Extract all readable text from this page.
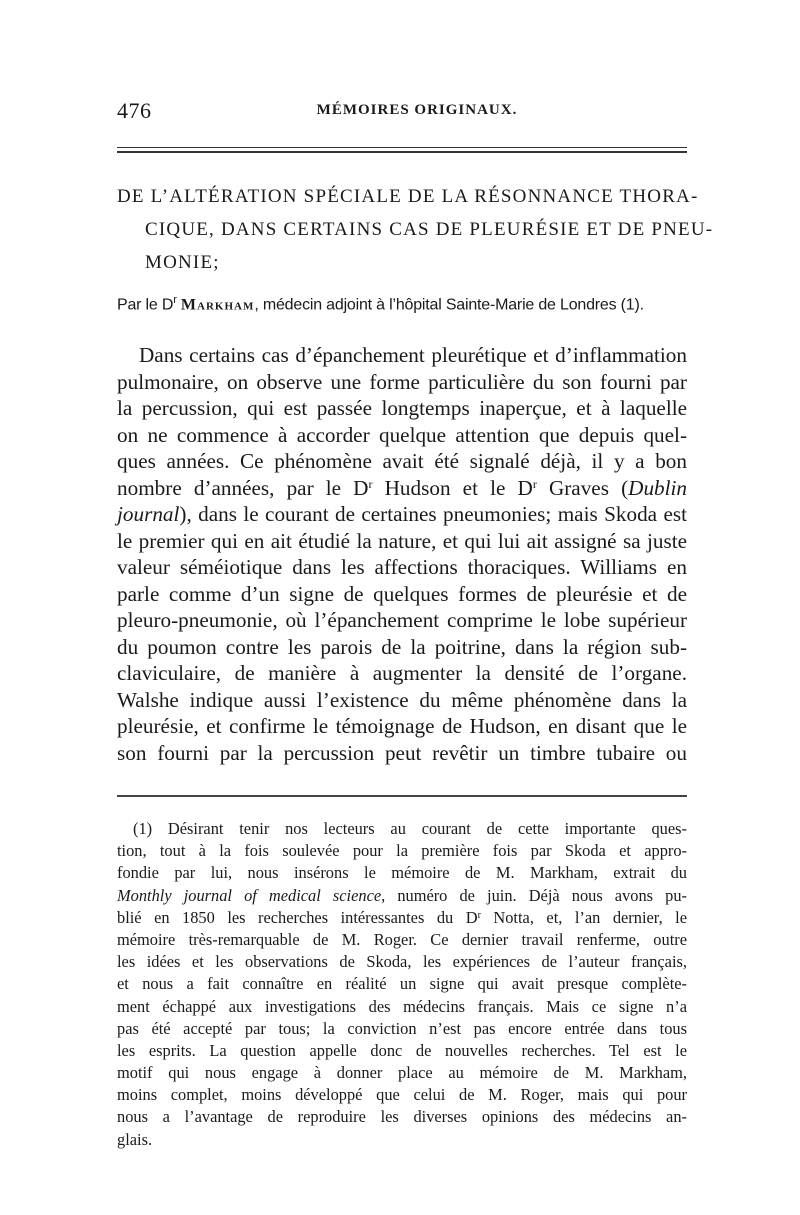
476	MÉMOIRES ORIGINAUX.
DE L’ALTÉRATION SPÉCIALE DE LA RÉSONNANCE THORA-
CIQUE, DANS CERTAINS CAS DE PLEURÉSIE ET DE PNEU-
MONIE;
Par le $D^r$ Markham, médecin adjoint à l’hôpital Sainte-Marie de Londres (1).
Dans certains cas d’épanchement pleurétique et d’inflammation
pulmonaire, on observe une forme particulière du son fourni par
la percussion, qui est passée longtemps inaperçue, et à laquelle
on ne commence à accorder quelque attention que depuis quel-
ques années. Ce phénomène avait été signalé déjà, il y a bon
nombre d’années, par le $D^r$ Hudson et le $D^r$ Graves (Dublin
journal), dans le courant de certaines pneumonies; mais Skoda est
le premier qui en ait étudié la nature, et qui lui ait assigné sa juste
valeur séméiotique dans les affections thoraciques. Williams en
parle comme d’un signe de quelques formes de pleurésie et de
pleuro-pneumonie, où l’épanchement comprime le lobe supérieur
du poumon contre les parois de la poitrine, dans la région sub-
claviculaire, de manière à augmenter la densité de l’organe.
Walshe indique aussi l’existence du même phénomène dans la
pleurésie, et confirme le témoignage de Hudson, en disant que le
son fourni par la percussion peut revêtir un timbre tubaire ou
(1) Désirant tenir nos lecteurs au courant de cette importante ques-
tion, tout à la fois soulevée pour la première fois par Skoda et appro-
fondie par lui, nous insérons le mémoire de M. Markham, extrait du
Monthly journal of medical science, numéro de juin. Déjà nous avons pu-
blié en 1850 les recherches intéressantes du $D^r$ Notta, et, l’an dernier, le
mémoire très-remarquable de M. Roger. Ce dernier travail renferme, outre
les idées et les observations de Skoda, les expériences de l’auteur français,
et nous a fait connaître en réalité un signe qui avait presque complète-
ment échappé aux investigations des médecins français. Mais ce signe n’a
pas été accepté par tous; la conviction n’est pas encore entrée dans tous
les esprits. La question appelle donc de nouvelles recherches. Tel est le
motif qui nous engage à donner place au mémoire de M. Markham,
moins complet, moins développé que celui de M. Roger, mais qui pour
nous a l’avantage de reproduire les diverses opinions des médecins an-
glais.
